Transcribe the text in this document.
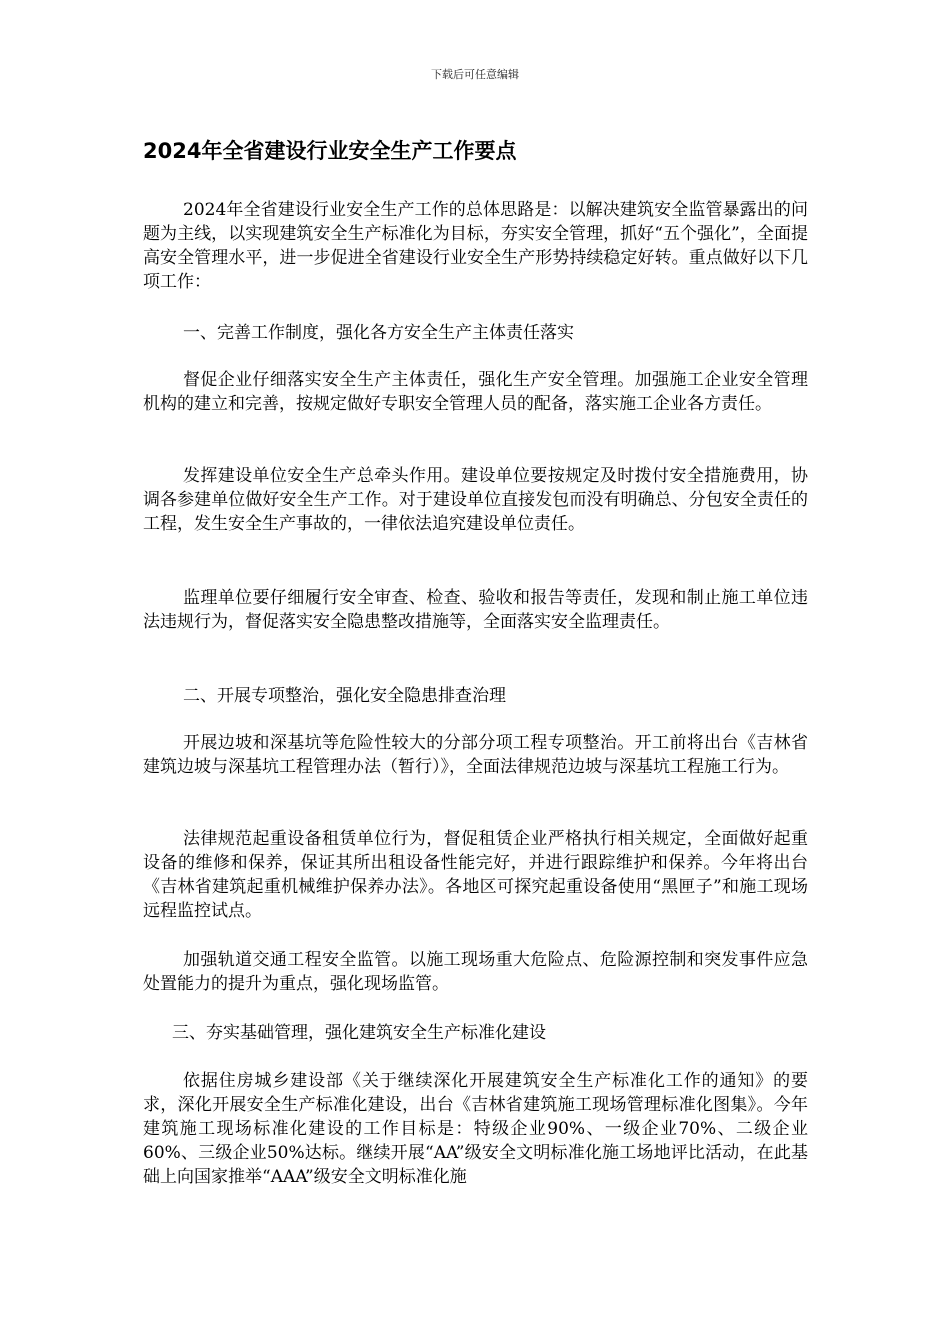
下载后可任意编辑
2024年全省建设行业安全生产工作要点

2024年全省建设行业安全生产工作的总体思路是：以解决建筑安全监管暴露出的问题为主线，以实现建筑安全生产标准化为目标，夯实安全管理，抓好“五个强化”，全面提高安全管理水平，进一步促进全省建设行业安全生产形势持续稳定好转。重点做好以下几项工作：

一、完善工作制度，强化各方安全生产主体责任落实

督促企业仔细落实安全生产主体责任，强化生产安全管理。加强施工企业安全管理机构的建立和完善，按规定做好专职安全管理人员的配备，落实施工企业各方责任。

发挥建设单位安全生产总牵头作用。建设单位要按规定及时拨付安全措施费用，协调各参建单位做好安全生产工作。对于建设单位直接发包而没有明确总、分包安全责任的工程，发生安全生产事故的，一律依法追究建设单位责任。

监理单位要仔细履行安全审查、检查、验收和报告等责任，发现和制止施工单位违法违规行为，督促落实安全隐患整改措施等，全面落实安全监理责任。

二、开展专项整治，强化安全隐患排查治理

开展边坡和深基坑等危险性较大的分部分项工程专项整治。开工前将出台《吉林省建筑边坡与深基坑工程管理办法（暂行）》，全面法律规范边坡与深基坑工程施工行为。

法律规范起重设备租赁单位行为，督促租赁企业严格执行相关规定，全面做好起重设备的维修和保养，保证其所出租设备性能完好，并进行跟踪维护和保养。今年将出台《吉林省建筑起重机械维护保养办法》。各地区可探究起重设备使用“黑匣子”和施工现场远程监控试点。

加强轨道交通工程安全监管。以施工现场重大危险点、危险源控制和突发事件应急处置能力的提升为重点，强化现场监管。

三、夯实基础管理，强化建筑安全生产标准化建设

依据住房城乡建设部《关于继续深化开展建筑安全生产标准化工作的通知》的要求，深化开展安全生产标准化建设，出台《吉林省建筑施工现场管理标准化图集》。今年建筑施工现场标准化建设的工作目标是：特级企业90%、一级企业70%、二级企业60%、三级企业50%达标。继续开展“AA”级安全文明标准化施工场地评比活动，在此基础上向国家推举“AAA”级安全文明标准化施
